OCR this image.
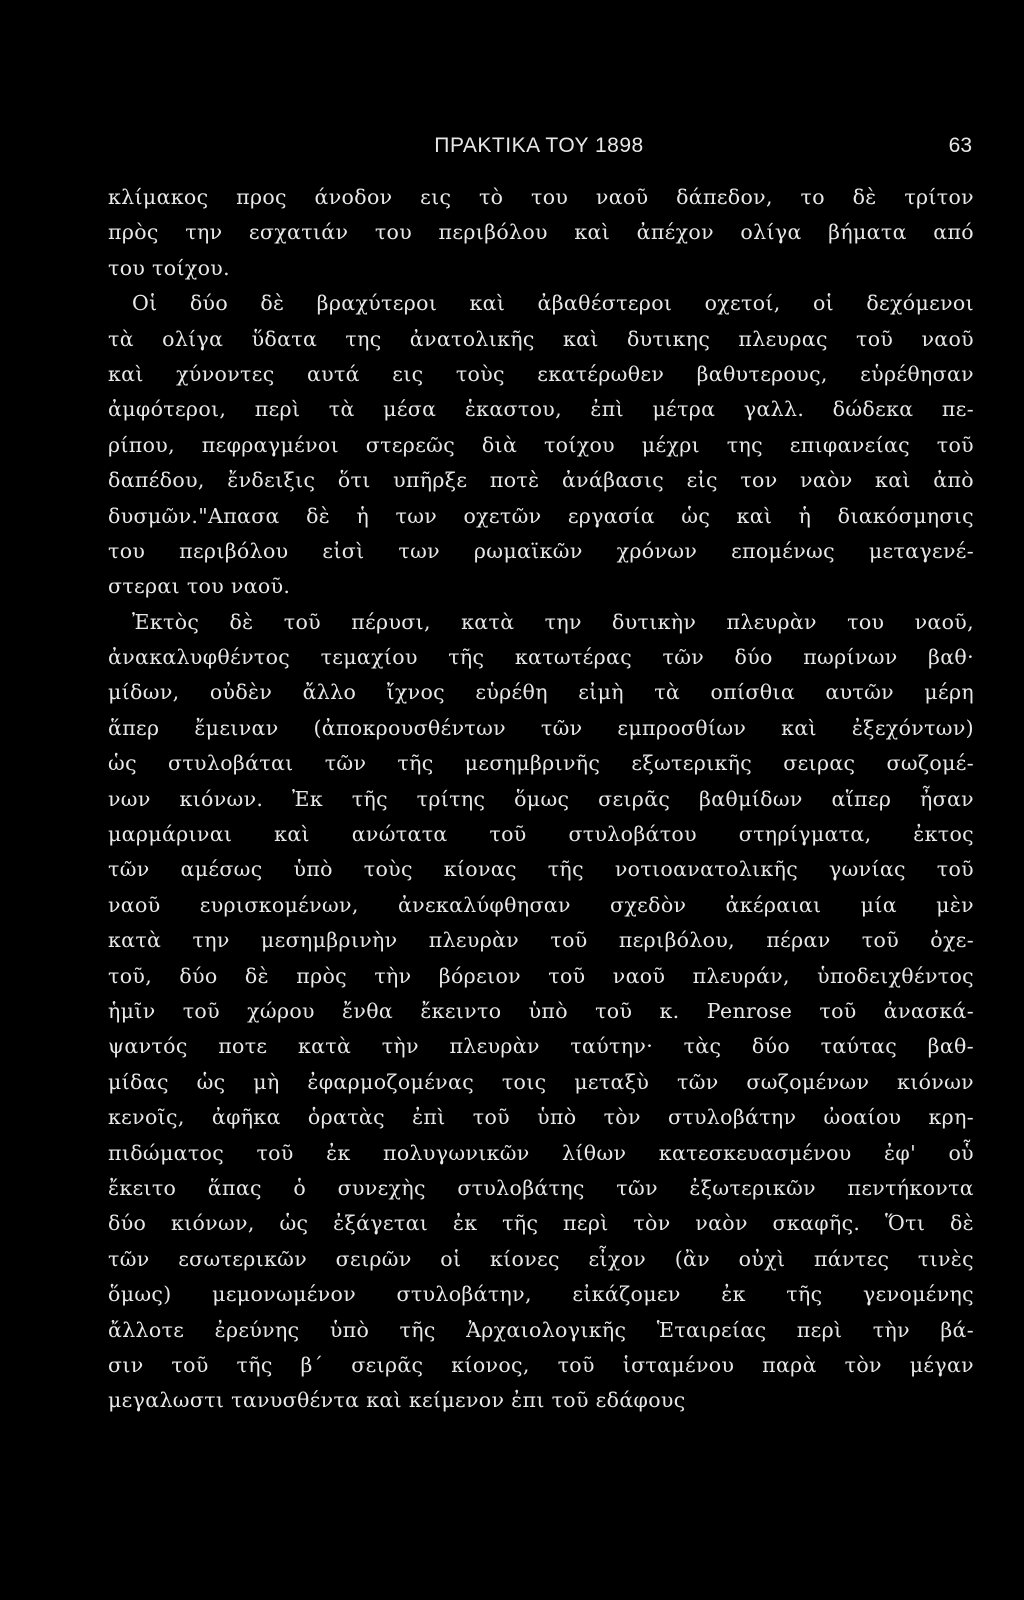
ΠΡΑΚΤΙΚΑ ΤΟΥ 1898	63
κλίμακος προς άνοδον εις τὸ του ναοῦ δάπεδον, το δὲ τρίτον
πρὸς την εσχατιάν του περιβόλου καὶ ἀπέχον ολίγα βήματα από
του τοίχου.
Οἱ δύο δὲ βραχύτεροι καὶ ἀβαθέστεροι οχετοί, οἱ δεχόμενοι
τὰ ολίγα ὕδατα της ἀνατολικῆς καὶ δυτικης πλευρας τοῦ ναοῦ
καὶ χύνοντες αυτά εις τοὺς εκατέρωθεν βαθυτερους, εὑρέθησαν
ἀμφότεροι, περὶ τὰ μέσα ἑκαστου, ἐπὶ μέτρα γαλλ. δώδεκα πε-
ρίπου, πεφραγμένοι στερεῶς διὰ τοίχου μέχρι της επιφανείας τοῦ
δαπέδου, ἔνδειξις ὅτι υπῆρξε ποτὲ ἀνάβασις εἰς τον ναὸν καὶ ἀπὸ
δυσμῶν."Απασα δὲ ἡ των οχετῶν εργασία ὡς καὶ ἡ διακόσμησις
του περιβόλου εἰσὶ των ρωμαϊκῶν χρόνων επομένως μεταγενέ-
στεραι του ναοῦ.
Ἐκτὸς δὲ τοῦ πέρυσι, κατὰ την δυτικὴν πλευρὰν του ναοῦ,
ἀνακαλυφθέντος τεμαχίου τῆς κατωτέρας τῶν δύο πωρίνων βαθ·
μίδων, οὐδὲν ἄλλο ἴχνος εὑρέθη εἰμὴ τὰ οπίσθια αυτῶν μέρη
ἅπερ ἔμειναν (ἀποκρουσθέντων τῶν εμπροσθίων καὶ ἐξεχόντων)
ὡς στυλοβάται τῶν τῆς μεσημβρινῆς εξωτερικῆς σειρας σωζομέ-
νων κιόνων. Ἐκ τῆς τρίτης ὅμως σειρᾶς βαθμίδων αἵπερ ἦσαν
μαρμάριναι καὶ ανώτατα τοῦ στυλοβάτου στηρίγματα, ἐκτος
τῶν αμέσως ὑπὸ τοὺς κίονας τῆς νοτιοανατολικῆς γωνίας τοῦ
ναοῦ ευρισκομένων, ἀνεκαλύφθησαν σχεδὸν ἀκέραιαι μία μὲν
κατὰ την μεσημβρινὴν πλευρὰν τοῦ περιβόλου, πέραν τοῦ ὀχε-
τοῦ, δύο δὲ πρὸς τὴν βόρειον τοῦ ναοῦ πλευράν, ὑποδειχθέντος
ἡμῖν τοῦ χώρου ἔνθα ἔκειντο ὑπὸ τοῦ κ. Penrose τοῦ ἀνασκά-
ψαντός ποτε κατὰ τὴν πλευρὰν ταύτην· τὰς δύο ταύτας βαθ-
μίδας ὡς μὴ ἐφαρμοζομένας τοις μεταξὺ τῶν σωζομένων κιόνων
κενοῖς, ἀφῆκα ὁρατὰς ἐπὶ τοῦ ὑπὸ τὸν στυλοβάτην ὠοαίου κρη-
πιδώματος τοῦ ἐκ πολυγωνικῶν λίθων κατεσκευασμένου ἐφ' οὗ
ἔκειτο ἅπας ὁ συνεχὴς στυλοβάτης τῶν ἐξωτερικῶν πεντήκοντα
δύο κιόνων, ὡς ἐξάγεται ἐκ τῆς περὶ τὸν ναὸν σκαφῆς. Ὅτι δὲ
τῶν εσωτερικῶν σειρῶν οἱ κίονες εἶχον (ἂν οὐχὶ πάντες τινὲς
ὅμως) μεμονωμένον στυλοβάτην, εἰκάζομεν ἐκ τῆς γενομένης
ἄλλοτε ἐρεύνης ὑπὸ τῆς Ἀρχαιολογικῆς Ἑταιρείας περὶ τὴν βά-
σιν τοῦ τῆς β΄ σειρᾶς κίονος, τοῦ ἱσταμένου παρὰ τὸν μέγαν
μεγαλωστι τανυσθέντα καὶ κείμενον ἐπι τοῦ εδάφους
